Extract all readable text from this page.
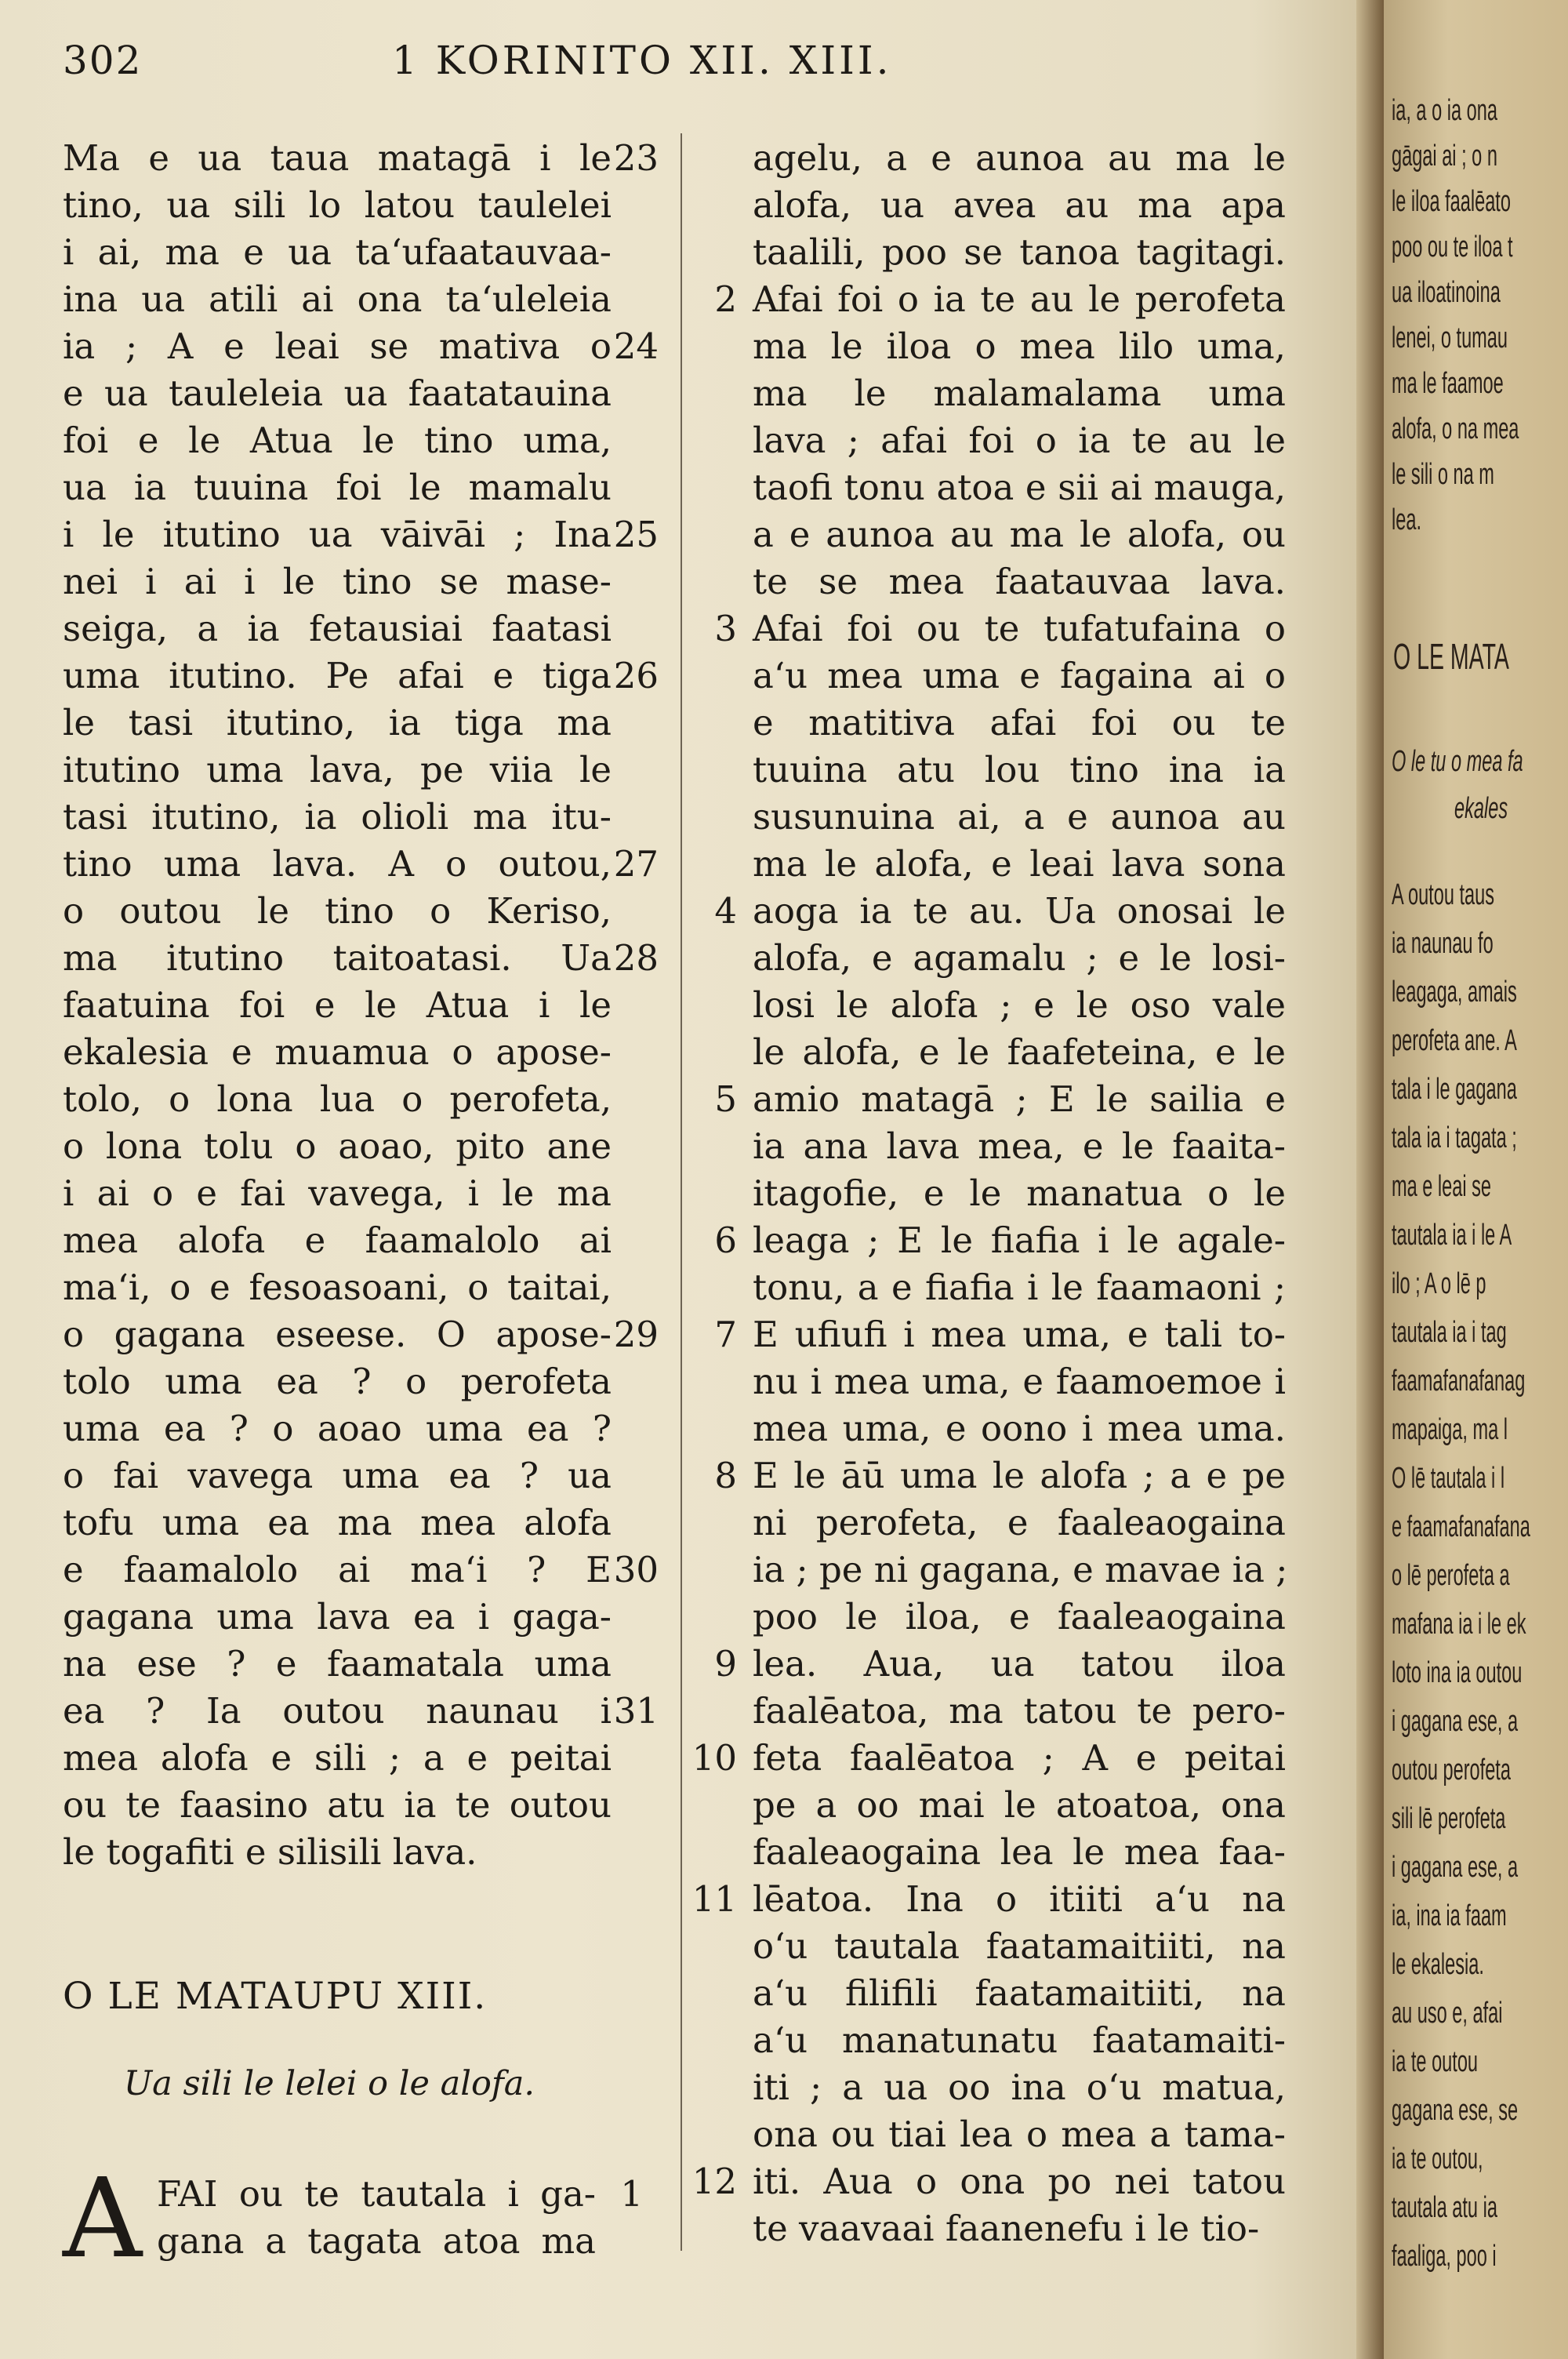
302	1 KORINITO XII. XIII.
Ma e ua taua matagā i le 23
tino, ua sili lo latou taulelei
i ai, ma e ua taʻufaatauvaa-
ina ua atili ai ona taʻuleleia
ia ; A e leai se mativa o 24
e ua tauleleia ua faatatauina
foi e le Atua le tino uma,
ua ia tuuina foi le mamalu
i le itutino ua vāivāi ; Ina 25
nei i ai i le tino se mase-
seiga, a ia fetausiai faatasi
uma itutino. Pe afai e tiga 26
le tasi itutino, ia tiga ma
itutino uma lava, pe viia le
tasi itutino, ia olioli ma itu-
tino uma lava. A o outou, 27
o outou le tino o Keriso,
ma itutino taitoatasi. Ua 28
faatuina foi e le Atua i le
ekalesia e muamua o apose-
tolo, o lona lua o perofeta,
o lona tolu o aoao, pito ane
i ai o e fai vavega, i le ma
mea alofa e faamalolo ai
maʻi, o e fesoasoani, o taitai,
o gagana eseese. O apose- 29
tolo uma ea ? o perofeta
uma ea ? o aoao uma ea ?
o fai vavega uma ea ? ua
tofu uma ea ma mea alofa
e faamalolo ai maʻi ? E 30
gagana uma lava ea i gaga-
na ese ? e faamatala uma
ea ? Ia outou naunau i 31
mea alofa e sili ; a e peitai
ou te faasino atu ia te outou
le togafiti e silisili lava.
O LE MATAUPU XIII.
Ua sili le lelei o le alofa.
A FAI ou te tautala i ga- 1
gana a tagata atoa ma
agelu, a e aunoa au ma le
alofa, ua avea au ma apa
taalili, poo se tanoa tagitagi.
2 Afai foi o ia te au le perofeta
ma le iloa o mea lilo uma,
ma le malamalama uma
lava ; afai foi o ia te au le
taofi tonu atoa e sii ai mauga,
a e aunoa au ma le alofa, ou
te se mea faatauvaa lava.
3 Afai foi ou te tufatufaina o
aʻu mea uma e fagaina ai o
e matitiva afai foi ou te
tuuina atu lou tino ina ia
susunuina ai, a e aunoa au
ma le alofa, e leai lava sona
4 aoga ia te au. Ua onosai le
alofa, e agamalu ; e le losi-
losi le alofa ; e le oso vale
le alofa, e le faafeteina, e le
5 amio matagā ; E le sailia e
ia ana lava mea, e le faaita-
itagofie, e le manatua o le
6 leaga ; E le fiafia i le agale-
tonu, a e fiafia i le faamaoni ;
7 E ufiufi i mea uma, e tali to-
nu i mea uma, e faamoemoe i
mea uma, e oono i mea uma.
8 E le āū uma le alofa ; a e pe
ni perofeta, e faaleaogaina
ia ; pe ni gagana, e mavae ia ;
poo le iloa, e faaleaogaina
9 lea. Aua, ua tatou iloa
faalēatoa, ma tatou te pero-
10 feta faalēatoa ; A e peitai
pe a oo mai le atoatoa, ona
faaleaogaina lea le mea faa-
11 lēatoa. Ina o itiiti aʻu na
oʻu tautala faatamaitiiti, na
aʻu filifili faatamaitiiti, na
aʻu manatunatu faatamaiti-
iti ; a ua oo ina oʻu matua,
ona ou tiai lea o mea a tama-
12 iti. Aua o ona po nei tatou
te vaavaai faanenefu i le tio-
ia, a o ia ona
gāgai ai ; o n
le iloa faalēato
poo ou te iloa t
ua iloatinoina
lenei, o tumau
ma le faamoe
alofa, o na mea
le sili o na m
lea.
O LE MATA
O le tu o mea fa
ekales
A outou taus
ia naunau fo
leagaga, amais
perofeta ane. A
tala i le gagana
tala ia i tagata ;
ma e leai se
tautala ia i le A
ilo ; A o lē p
tautala ia i tag
faamafanafanag
mapaiga, ma l
O lē tautala i l
e faamafanafana
o lē perofeta a
mafana ia i le ek
loto ina ia outou
i gagana ese, a
outou perofeta
sili lē perofeta
i gagana ese, a
ia, ina ia faam
le ekalesia.
au uso e, afai
ia te outou
gagana ese, se
ia te outou,
tautala atu ia
faaliga, poo i
